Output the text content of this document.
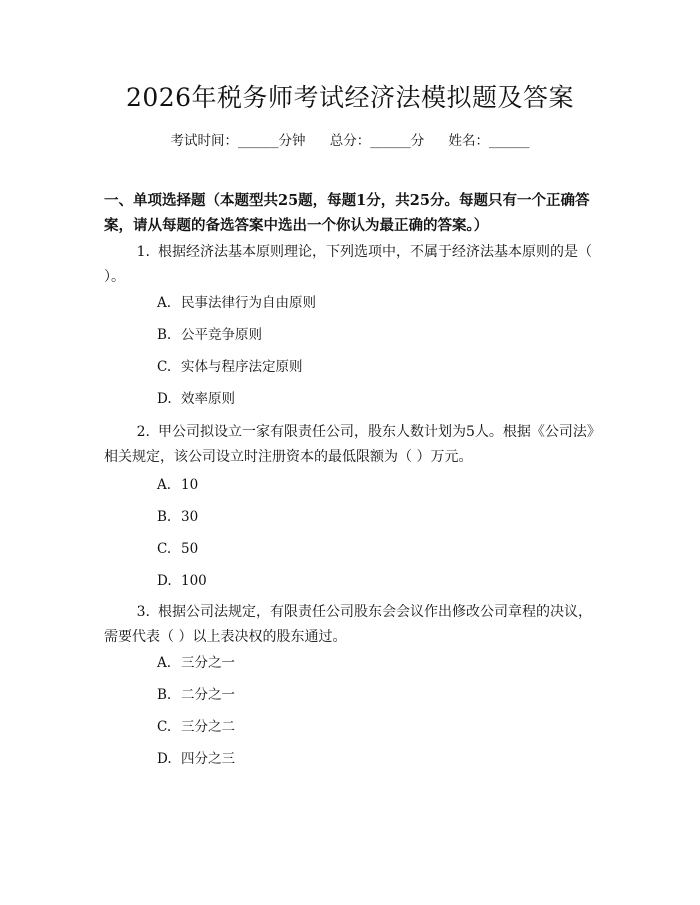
2026年税务师考试经济法模拟题及答案
考试时间：______分钟 总分：______分 姓名：______
一、单项选择题（本题型共25题，每题1分，共25分。每题只有一个正确答案，请从每题的备选答案中选出一个你认为最正确的答案。）
1. 根据经济法基本原则理论，下列选项中，不属于经济法基本原则的是（ ）。
A. 民事法律行为自由原则
B. 公平竞争原则
C. 实体与程序法定原则
D. 效率原则
2. 甲公司拟设立一家有限责任公司，股东人数计划为5人。根据《公司法》相关规定，该公司设立时注册资本的最低限额为（ ）万元。
A. 10
B. 30
C. 50
D. 100
3. 根据公司法规定，有限责任公司股东会会议作出修改公司章程的决议，需要代表（ ）以上表决权的股东通过。
A. 三分之一
B. 二分之一
C. 三分之二
D. 四分之三
